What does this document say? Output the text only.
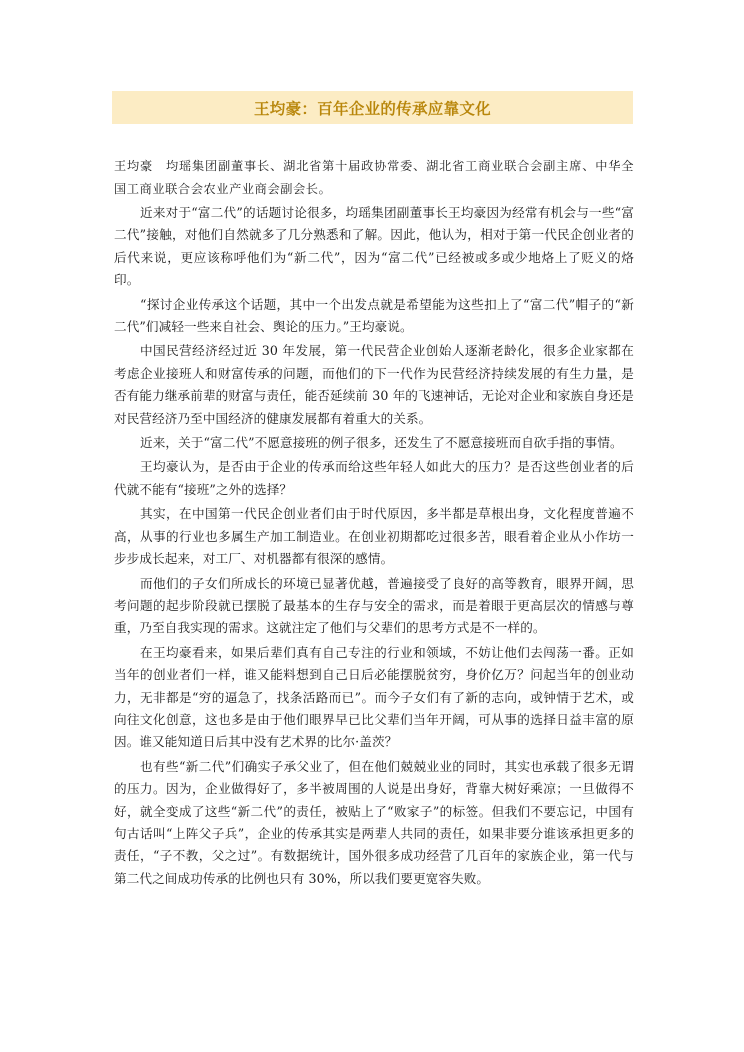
王均豪：百年企业的传承应靠文化

王均豪　均瑶集团副董事长、湖北省第十届政协常委、湖北省工商业联合会副主席、中华全国工商业联合会农业产业商会副会长。

近来对于“富二代”的话题讨论很多，均瑶集团副董事长王均豪因为经常有机会与一些“富二代”接触，对他们自然就多了几分熟悉和了解。因此，他认为，相对于第一代民企创业者的后代来说，更应该称呼他们为“新二代”，因为“富二代”已经被或多或少地烙上了贬义的烙印。

“探讨企业传承这个话题，其中一个出发点就是希望能为这些扣上了“富二代”帽子的“新二代”们减轻一些来自社会、舆论的压力。”王均豪说。

中国民营经济经过近 30 年发展，第一代民营企业创始人逐渐老龄化，很多企业家都在考虑企业接班人和财富传承的问题，而他们的下一代作为民营经济持续发展的有生力量，是否有能力继承前辈的财富与责任，能否延续前 30 年的飞速神话，无论对企业和家族自身还是对民营经济乃至中国经济的健康发展都有着重大的关系。

近来，关于“富二代”不愿意接班的例子很多，还发生了不愿意接班而自砍手指的事情。

王均豪认为，是否由于企业的传承而给这些年轻人如此大的压力？是否这些创业者的后代就不能有“接班”之外的选择？

其实，在中国第一代民企创业者们由于时代原因，多半都是草根出身，文化程度普遍不高，从事的行业也多属生产加工制造业。在创业初期都吃过很多苦，眼看着企业从小作坊一步步成长起来，对工厂、对机器都有很深的感情。

而他们的子女们所成长的环境已显著优越，普遍接受了良好的高等教育，眼界开阔，思考问题的起步阶段就已摆脱了最基本的生存与安全的需求，而是着眼于更高层次的情感与尊重，乃至自我实现的需求。这就注定了他们与父辈们的思考方式是不一样的。

在王均豪看来，如果后辈们真有自己专注的行业和领域，不妨让他们去闯荡一番。正如当年的创业者们一样，谁又能料想到自己日后必能摆脱贫穷，身价亿万？问起当年的创业动力，无非都是“穷的逼急了，找条活路而已”。而今子女们有了新的志向，或钟情于艺术，或向往文化创意，这也多是由于他们眼界早已比父辈们当年开阔，可从事的选择日益丰富的原因。谁又能知道日后其中没有艺术界的比尔·盖茨？

也有些“新二代”们确实子承父业了，但在他们兢兢业业的同时，其实也承载了很多无谓的压力。因为，企业做得好了，多半被周围的人说是出身好，背靠大树好乘凉；一旦做得不好，就全变成了这些“新二代”的责任，被贴上了“败家子”的标签。但我们不要忘记，中国有句古话叫“上阵父子兵”，企业的传承其实是两辈人共同的责任，如果非要分谁该承担更多的责任，“子不教，父之过”。有数据统计，国外很多成功经营了几百年的家族企业，第一代与第二代之间成功传承的比例也只有 30%，所以我们要更宽容失败。
